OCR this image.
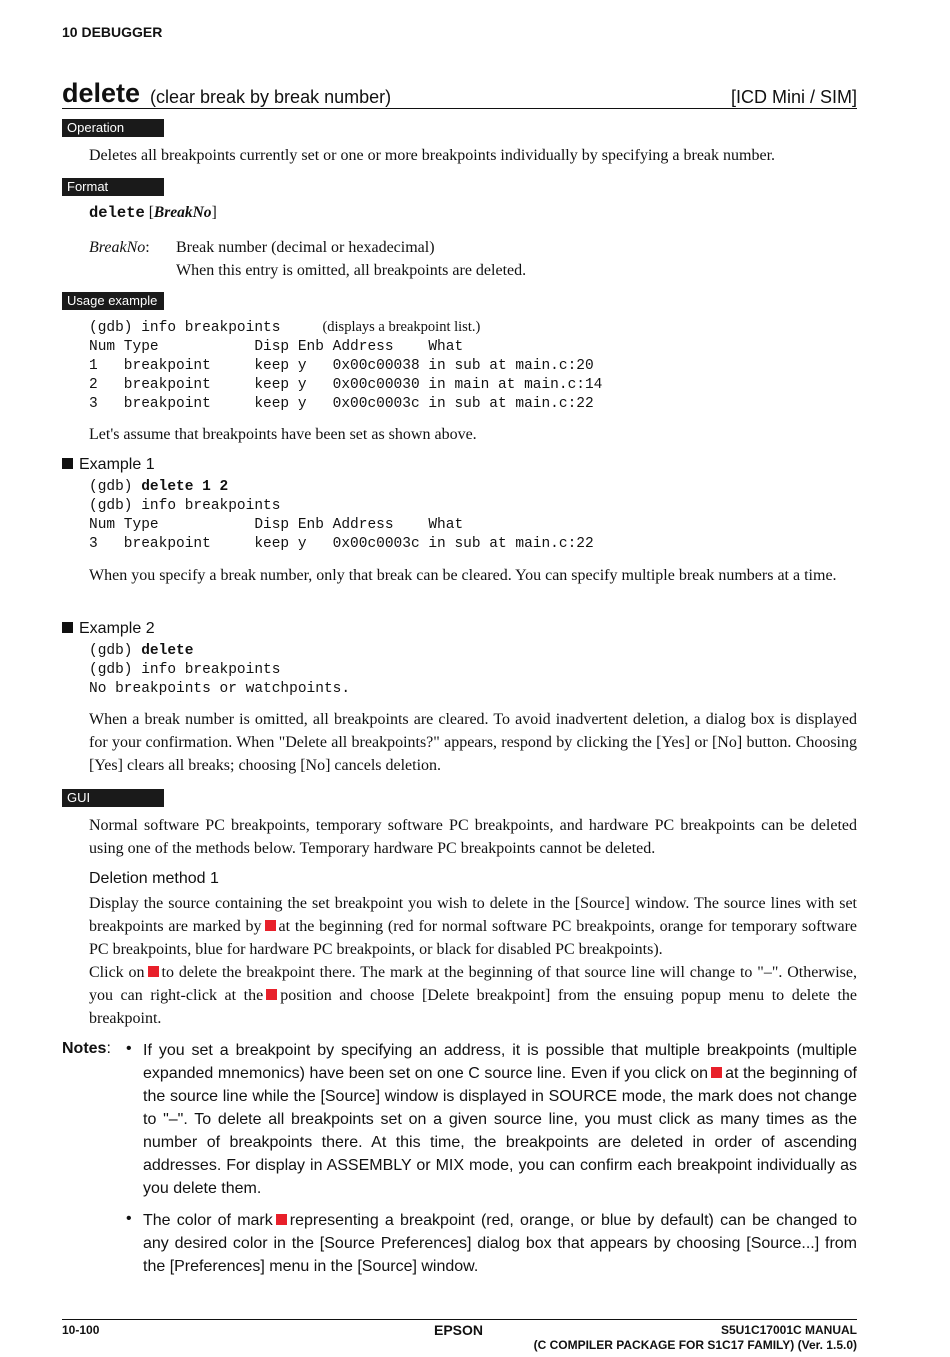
10 DEBUGGER
delete (clear break by break number)	[ICD Mini / SIM]
Operation
Deletes all breakpoints currently set or one or more breakpoints individually by specifying a break number.
Format
delete [BreakNo]
BreakNo:	Break number (decimal or hexadecimal)
When this entry is omitted, all breakpoints are deleted.
Usage example
(gdb) info breakpoints	(displays a breakpoint list.)
Num Type           Disp Enb Address    What
1   breakpoint     keep y   0x00c00038 in sub at main.c:20
2   breakpoint     keep y   0x00c00030 in main at main.c:14
3   breakpoint     keep y   0x00c0003c in sub at main.c:22
Let's assume that breakpoints have been set as shown above.
Example 1
(gdb) delete 1 2
(gdb) info breakpoints
Num Type           Disp Enb Address    What
3   breakpoint     keep y   0x00c0003c in sub at main.c:22
When you specify a break number, only that break can be cleared. You can specify multiple break numbers at a time.
Example 2
(gdb) delete
(gdb) info breakpoints
No breakpoints or watchpoints.
When a break number is omitted, all breakpoints are cleared. To avoid inadvertent deletion, a dialog box is displayed for your confirmation. When "Delete all breakpoints?" appears, respond by clicking the [Yes] or [No] button. Choosing [Yes] clears all breaks; choosing [No] cancels deletion.
GUI
Normal software PC breakpoints, temporary software PC breakpoints, and hardware PC breakpoints can be deleted using one of the methods below. Temporary hardware PC breakpoints cannot be deleted.
Deletion method 1
Display the source containing the set breakpoint you wish to delete in the [Source] window. The source lines with set breakpoints are marked by at the beginning (red for normal software PC breakpoints, orange for temporary software PC breakpoints, blue for hardware PC breakpoints, or black for disabled PC breakpoints).
Click on to delete the breakpoint there. The mark at the beginning of that source line will change to "–". Otherwise, you can right-click at the position and choose [Delete breakpoint] from the ensuing popup menu to delete the breakpoint.
Notes: • If you set a breakpoint by specifying an address, it is possible that multiple breakpoints (multiple expanded mnemonics) have been set on one C source line. Even if you click on at the beginning of the source line while the [Source] window is displayed in SOURCE mode, the mark does not change to "–". To delete all breakpoints set on a given source line, you must click as many times as the number of breakpoints there. At this time, the breakpoints are deleted in order of ascending addresses. For display in ASSEMBLY or MIX mode, you can confirm each breakpoint individually as you delete them.
• The color of mark representing a breakpoint (red, orange, or blue by default) can be changed to any desired color in the [Source Preferences] dialog box that appears by choosing [Source...] from the [Preferences] menu in the [Source] window.
10-100	EPSON	S5U1C17001C MANUAL
(C COMPILER PACKAGE FOR S1C17 FAMILY) (Ver. 1.5.0)
